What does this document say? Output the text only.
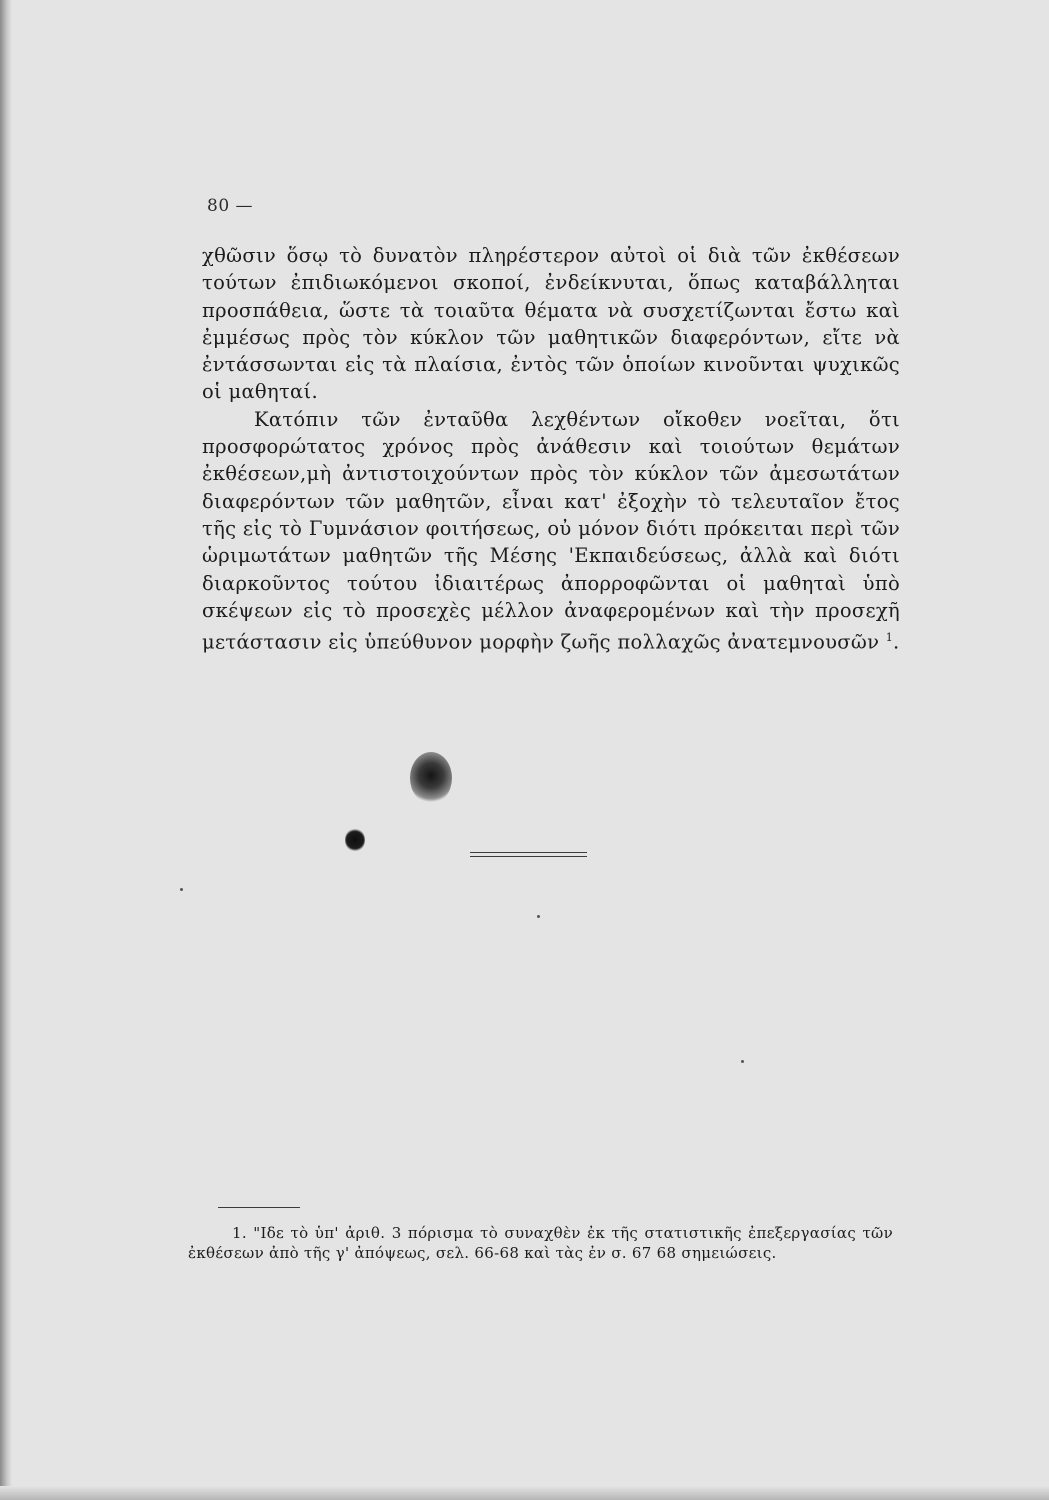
80 —

χθῶσιν ὅσῳ τὸ δυνατὸν πληρέστερον αὐτοὶ οἱ διὰ τῶν ἐκθέσεων τούτων ἐπιδιωκόμενοι σκοποί, ἐνδείκνυται, ὅπως καταβάλληται προσπάθεια, ὥστε τὰ τοιαῦτα θέματα νὰ συσχετίζωνται ἔστω καὶ ἐμμέσως πρὸς τὸν κύκλον τῶν μαθητικῶν διαφερόντων, εἴτε νὰ ἐντάσσωνται εἰς τὰ πλαίσια, ἐντὸς τῶν ὁποίων κινοῦνται ψυχικῶς οἱ μαθηταί.

Κατόπιν τῶν ἐνταῦθα λεχθέντων οἴκοθεν νοεῖται, ὅτι προσφορώτατος χρόνος πρὸς ἀνάθεσιν καὶ τοιούτων θεμάτων ἐκθέσεων,μὴ ἀντιστοιχούντων πρὸς τὸν κύκλον τῶν ἀμεσωτάτων διαφερόντων τῶν μαθητῶν, εἶναι κατ' ἐξοχὴν τὸ τελευταῖον ἔτος τῆς εἰς τὸ Γυμνάσιον φοιτήσεως, οὐ μόνον διότι πρόκειται περὶ τῶν ὡριμωτάτων μαθητῶν τῆς Μέσης 'Εκπαιδεύσεως, ἀλλὰ καὶ διότι διαρκοῦντος τούτου ἰδιαιτέρως ἀπορροφῶνται οἱ μαθηταὶ ὑπὸ σκέψεων εἰς τὸ προσεχὲς μέλλον ἀναφερομένων καὶ τὴν προσεχῆ μετάστασιν εἰς ὑπεύθυνον μορφὴν ζωῆς πολλαχῶς ἀνατεμνουσῶν $^1$.

1. "Ιδε τὸ ὑπ' ἀριθ. 3 πόρισμα τὸ συναχθὲν ἐκ τῆς στατιστικῆς ἐπεξεργασίας τῶν ἐκθέσεων ἀπὸ τῆς γ' ἀπόψεως, σελ. 66-68 καὶ τὰς ἐν σ. 67 68 σημειώσεις.
